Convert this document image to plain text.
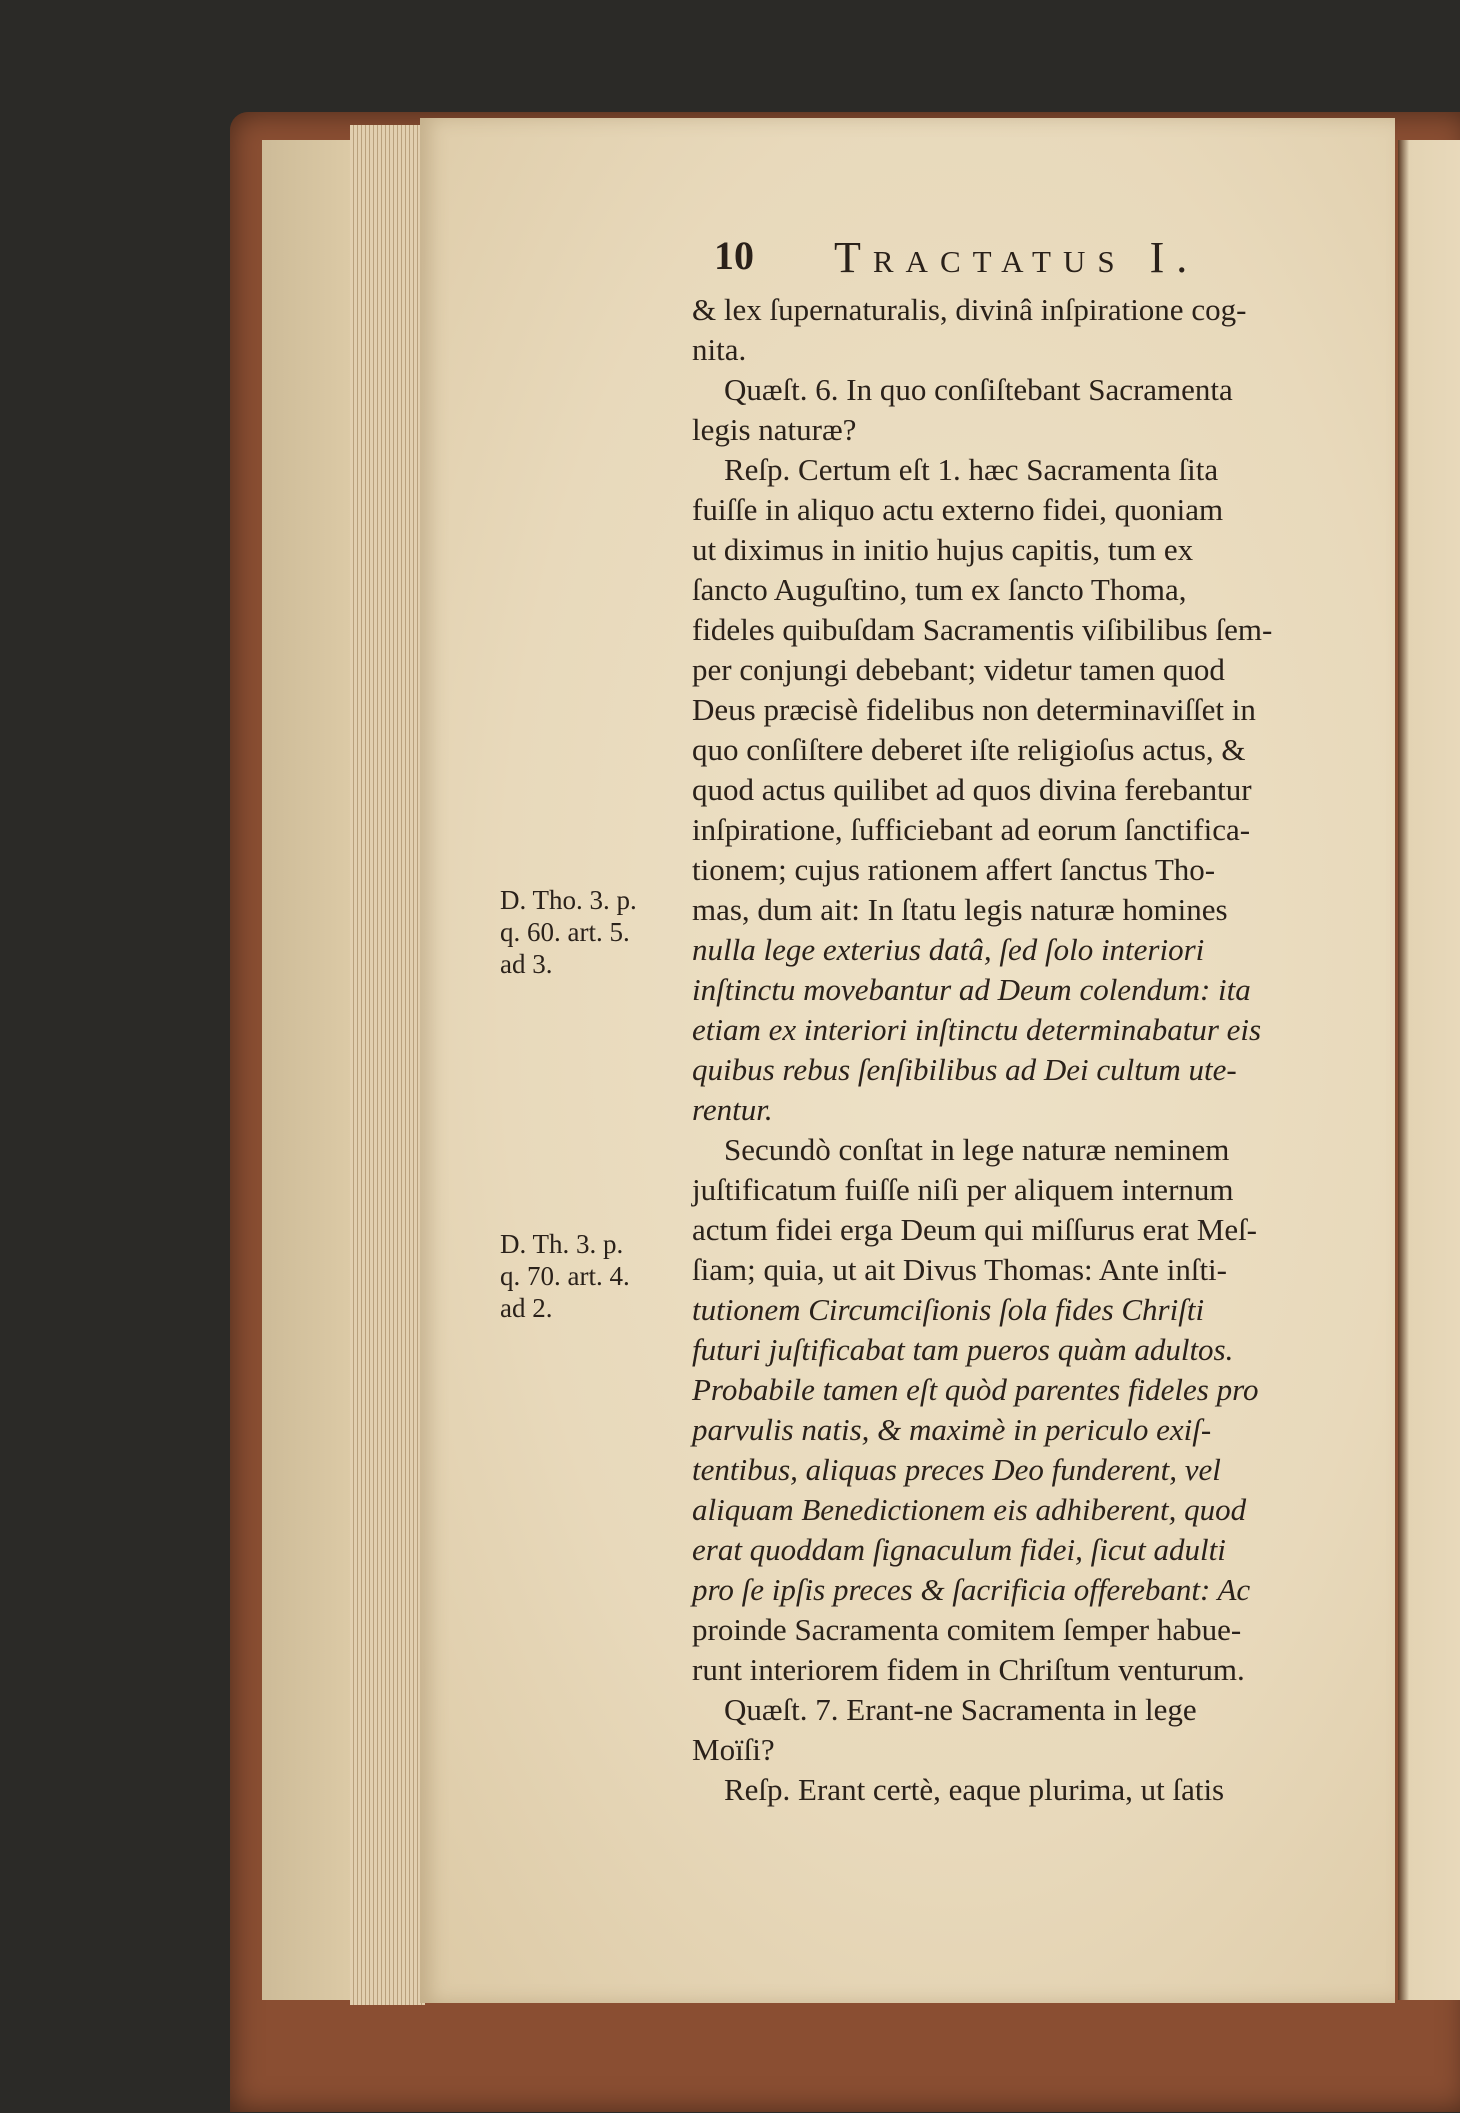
10 Tractatus I.
D. Tho. 3. p.
q. 60. art. 5.
ad 3.
D. Th. 3. p.
q. 70. art. 4.
ad 2.
& lex ſupernaturalis, divinâ inſpiratione cog-
nita.
Quæſt. 6. In quo conſiſtebant Sacramenta
legis naturæ?
Reſp. Certum eſt 1. hæc Sacramenta ſita
fuiſſe in aliquo actu externo fidei, quoniam
ut diximus in initio hujus capitis, tum ex
ſancto Auguſtino, tum ex ſancto Thoma,
fideles quibuſdam Sacramentis viſibilibus ſem-
per conjungi debebant; videtur tamen quod
Deus præcisè fidelibus non determinaviſſet in
quo conſiſtere deberet iſte religioſus actus, &
quod actus quilibet ad quos divina ferebantur
inſpiratione, ſufficiebant ad eorum ſanctifica-
tionem; cujus rationem affert ſanctus Tho-
mas, dum ait: In ſtatu legis naturæ homines
nulla lege exterius datâ, ſed ſolo interiori
inſtinctu movebantur ad Deum colendum: ita
etiam ex interiori inſtinctu determinabatur eis
quibus rebus ſenſibilibus ad Dei cultum ute-
rentur.
Secundò conſtat in lege naturæ neminem
juſtificatum fuiſſe niſi per aliquem internum
actum fidei erga Deum qui miſſurus erat Meſ-
ſiam; quia, ut ait Divus Thomas: Ante inſti-
tutionem Circumciſionis ſola fides Chriſti
futuri juſtificabat tam pueros quàm adultos.
Probabile tamen eſt quòd parentes fideles pro
parvulis natis, & maximè in periculo exiſ-
tentibus, aliquas preces Deo funderent, vel
aliquam Benedictionem eis adhiberent, quod
erat quoddam ſignaculum fidei, ſicut adulti
pro ſe ipſis preces & ſacrificia offerebant: Ac
proinde Sacramenta comitem ſemper habue-
runt interiorem fidem in Chriſtum venturum.
Quæſt. 7. Erant-ne Sacramenta in lege
Moïſi?
Reſp. Erant certè, eaque plurima, ut ſatis
